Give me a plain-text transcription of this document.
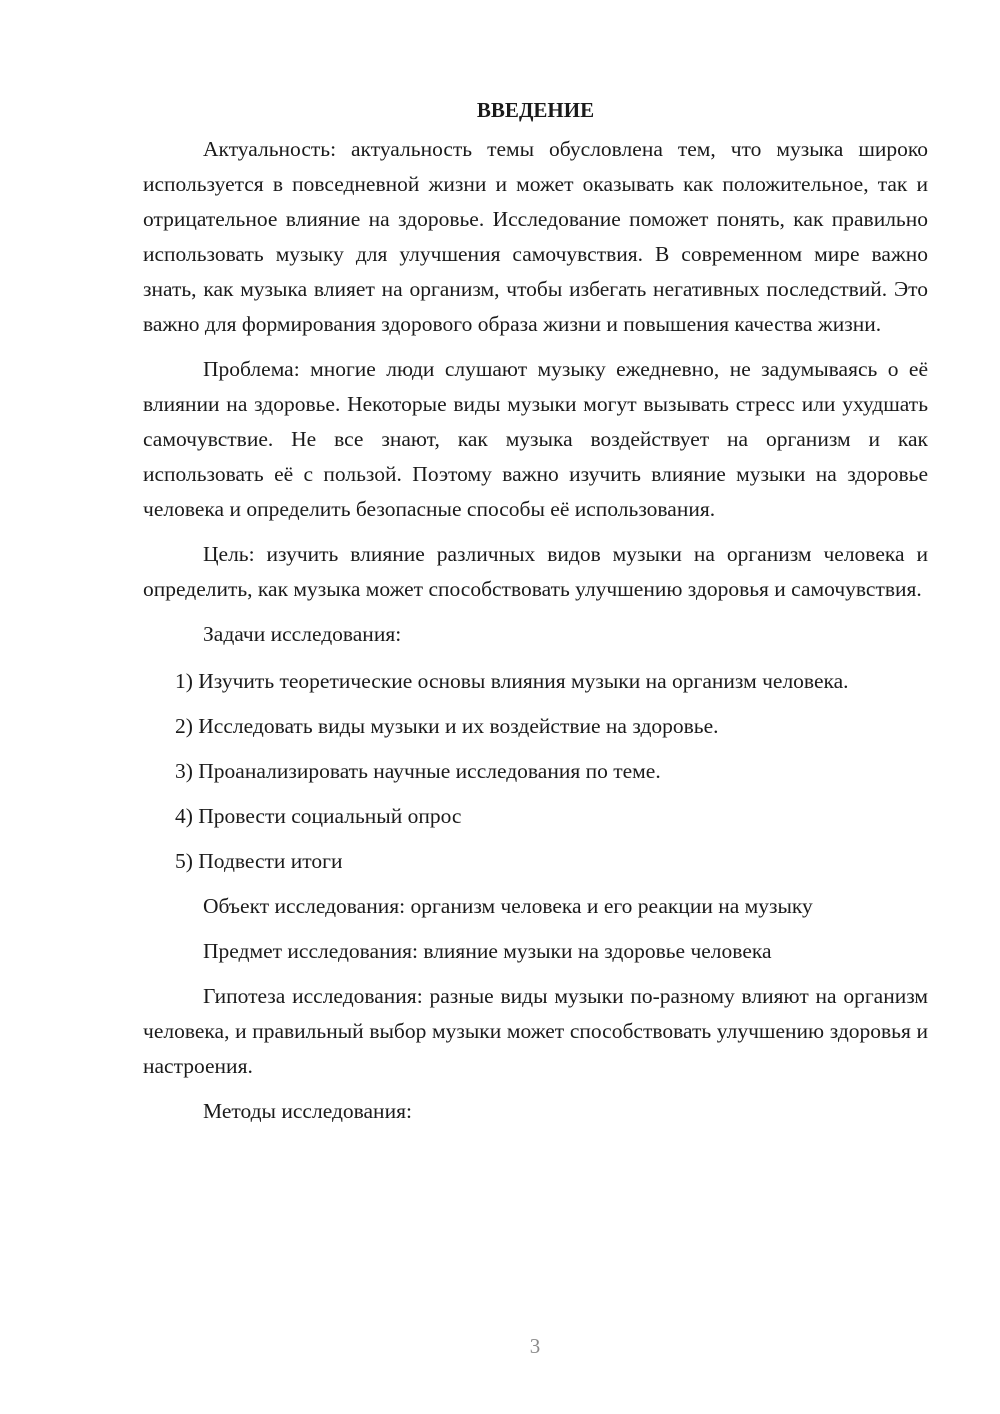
ВВЕДЕНИЕ

Актуальность: актуальность темы обусловлена тем, что музыка широко используется в повседневной жизни и может оказывать как положительное, так и отрицательное влияние на здоровье. Исследование поможет понять, как правильно использовать музыку для улучшения самочувствия. В современном мире важно знать, как музыка влияет на организм, чтобы избегать негативных последствий. Это важно для формирования здорового образа жизни и повышения качества жизни.

Проблема: многие люди слушают музыку ежедневно, не задумываясь о её влиянии на здоровье. Некоторые виды музыки могут вызывать стресс или ухудшать самочувствие. Не все знают, как музыка воздействует на организм и как использовать её с пользой. Поэтому важно изучить влияние музыки на здоровье человека и определить безопасные способы её использования.

Цель: изучить влияние различных видов музыки на организм человека и определить, как музыка может способствовать улучшению здоровья и самочувствия.

Задачи исследования:

1) Изучить теоретические основы влияния музыки на организм человека.

2) Исследовать виды музыки и их воздействие на здоровье.

3) Проанализировать научные исследования по теме.

4) Провести социальный опрос

5) Подвести итоги

Объект исследования: организм человека и его реакции на музыку

Предмет исследования: влияние музыки на здоровье человека

Гипотеза исследования: разные виды музыки по-разному влияют на организм человека, и правильный выбор музыки может способствовать улучшению здоровья и настроения.

Методы исследования:

3
